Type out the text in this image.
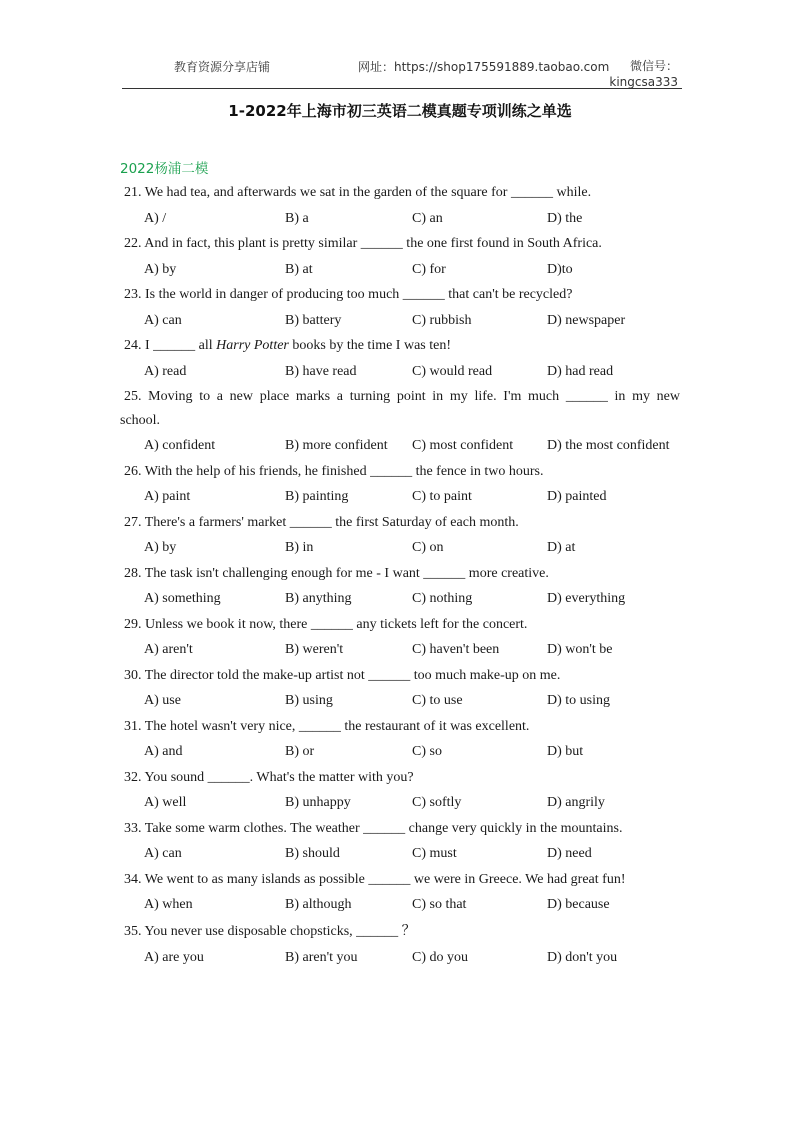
教育资源分享店铺	网址：https://shop175591889.taobao.com	微信号：
kingcsa333
1-2022年上海市初三英语二模真题专项训练之单选
2022杨浦二模
21. We had tea, and afterwards we sat in the garden of the square for ______ while.
A) /	B) a	C) an	D) the
22. And in fact, this plant is pretty similar ______ the one first found in South Africa.
A) by	B) at	C) for	D)to
23. Is the world in danger of producing too much ______ that can't be recycled?
A) can	B) battery	C) rubbish	D) newspaper
24. I ______ all Harry Potter books by the time I was ten!
A) read	B) have read	C) would read	D) had read
25. Moving to a new place marks a turning point in my life. I'm much ______ in my new
school.
A) confident	B) more confident C) most confident D) the most confident
26. With the help of his friends, he finished ______ the fence in two hours.
A) paint	B) painting	C) to paint	D) painted
27. There's a farmers' market ______ the first Saturday of each month.
A) by	B) in	C) on	D) at
28. The task isn't challenging enough for me - I want ______ more creative.
A) something	B) anything	C) nothing	D) everything
29. Unless we book it now, there ______ any tickets left for the concert.
A) aren't	B) weren't	C) haven't been	D) won't be
30. The director told the make-up artist not ______ too much make-up on me.
A) use	B) using	C) to use	D) to using
31. The hotel wasn't very nice, ______ the restaurant of it was excellent.
A) and	B) or	C) so	D) but
32. You sound ______. What's the matter with you?
A) well	B) unhappy	C) softly	D) angrily
33. Take some warm clothes. The weather ______ change very quickly in the mountains.
A) can	B) should	C) must	D) need
34. We went to as many islands as possible ______ we were in Greece. We had great fun!
A) when	B) although	C) so that	D) because
35. You never use disposable chopsticks, ______ ？
A) are you	B) aren't you	C) do you	D) don't you
